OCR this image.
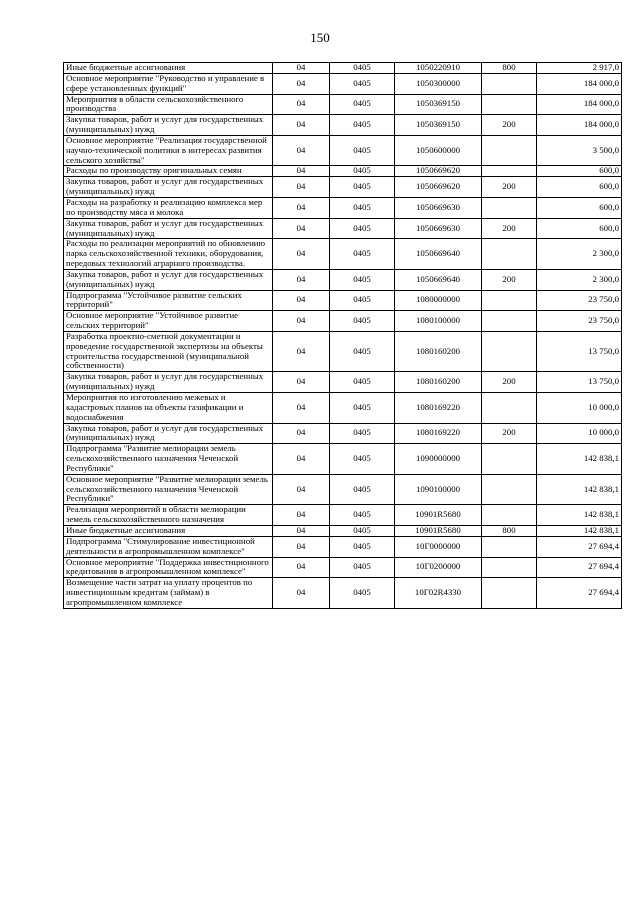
150
Иные бюджетные ассигнования	04	0405	1050220910	800	2 917,0
Основное мероприятие "Руководство и управление в сфере установленных функций"	04	0405	1050300000		184 000,0
Мероприятия в области сельскохозяйственного производства	04	0405	1050369150		184 000,0
Закупка товаров, работ и услуг для государственных (муниципальных) нужд	04	0405	1050369150	200	184 000,0
Основное мероприятие "Реализация государственной научно-технической политики в интересах развития сельского хозяйства"	04	0405	1050600000		3 500,0
Расходы по производству оригинальных семян	04	0405	1050669620		600,0
Закупка товаров, работ и услуг для государственных (муниципальных) нужд	04	0405	1050669620	200	600,0
Расходы на разработку и реализацию комплекса мер по производству мяса и молока	04	0405	1050669630		600,0
Закупка товаров, работ и услуг для государственных (муниципальных) нужд	04	0405	1050669630	200	600,0
Расходы по реализации мероприятий по обновлению парка сельскохозяйственной техники, оборудования, передовых технологий аграрного производства.	04	0405	1050669640		2 300,0
Закупка товаров, работ и услуг для государственных (муниципальных) нужд	04	0405	1050669640	200	2 300,0
Подпрограмма "Устойчивое развитие сельских территорий"	04	0405	1080000000		23 750,0
Основное мероприятие "Устойчивое развитие сельских территорий"	04	0405	1080100000		23 750,0
Разработка проектно-сметной документации и проведение государственной экспертизы на объекты строительства государственной (муниципальной собственности)	04	0405	1080160200		13 750,0
Закупка товаров, работ и услуг для государственных (муниципальных) нужд	04	0405	1080160200	200	13 750,0
Мероприятия по изготовлению межевых и кадастровых планов на объекты газификации и водоснабжения	04	0405	1080169220		10 000,0
Закупка товаров, работ и услуг для государственных (муниципальных) нужд	04	0405	1080169220	200	10 000,0
Подпрограмма "Развитие мелиорации земель сельскохозяйственного назначения Чеченской Республики"	04	0405	1090000000		142 838,1
Основное мероприятие "Развитие мелиорации земель сельскохозяйственного назначения Чеченской Республики"	04	0405	1090100000		142 838,1
Реализация мероприятий в области мелиорации земель сельскохозяйственного назначения	04	0405	10901R5680		142 838,1
Иные бюджетные ассигнования	04	0405	10901R5680	800	142 838,1
Подпрограмма "Стимулирование инвестиционной деятельности в агропромышленном комплексе"	04	0405	10Г0000000		27 694,4
Основное мероприятие "Поддержка инвестиционного кредитования в агропромышленном комплексе"	04	0405	10Г0200000		27 694,4
Возмещение части затрат на уплату процентов по инвестиционным кредитам (займам) в агропромышленном комплексе	04	0405	10Г02R4330		27 694,4
